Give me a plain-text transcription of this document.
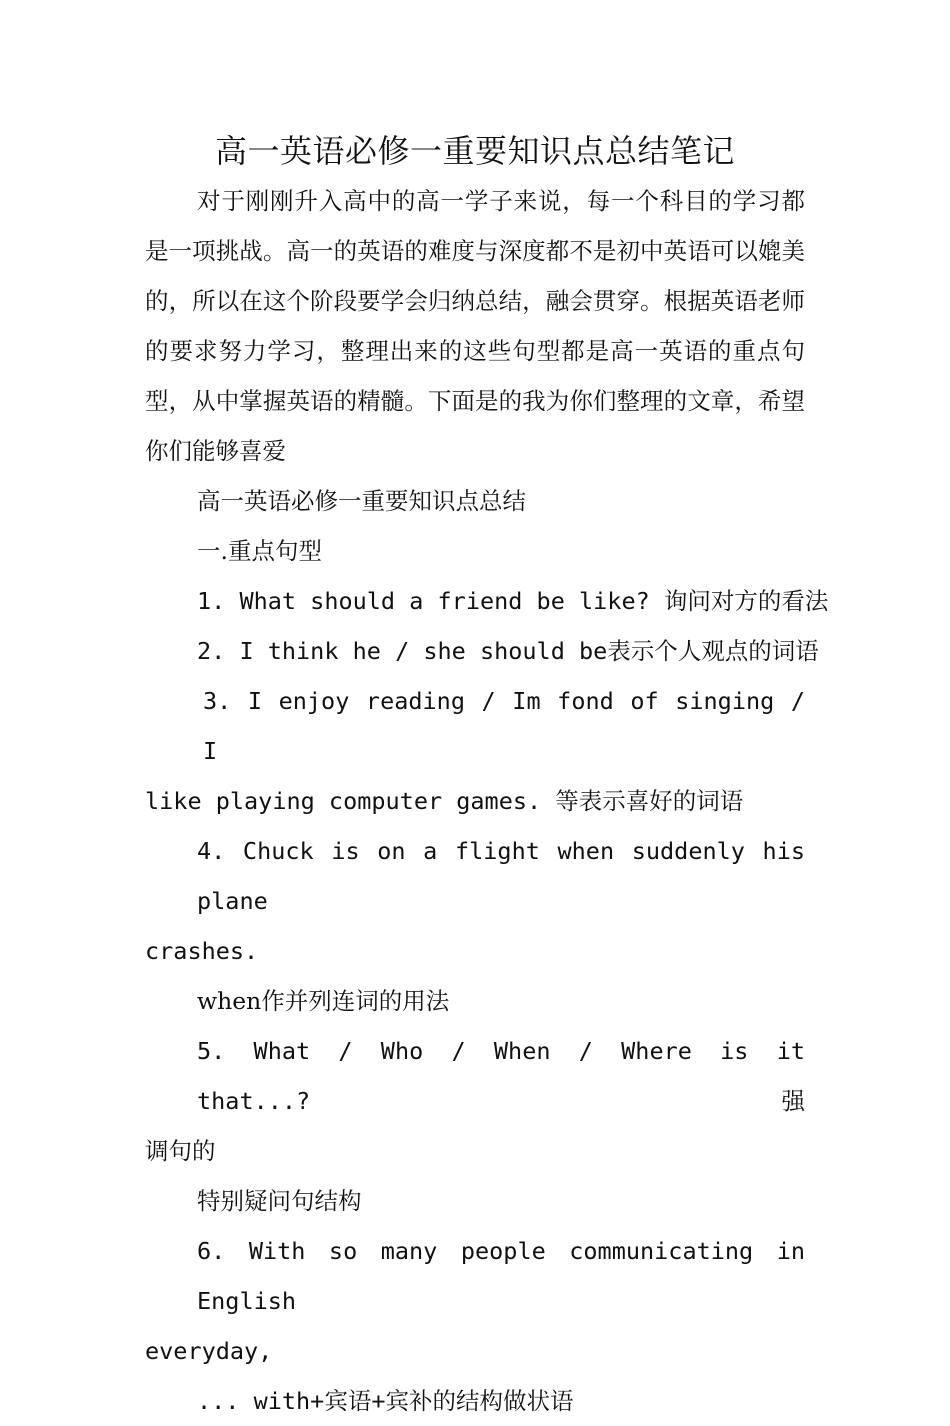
高一英语必修一重要知识点总结笔记

对于刚刚升入高中的高一学子来说，每一个科目的学习都是一项挑战。高一的英语的难度与深度都不是初中英语可以媲美的，所以在这个阶段要学会归纳总结，融会贯穿。根据英语老师的要求努力学习，整理出来的这些句型都是高一英语的重点句型，从中掌握英语的精髓。下面是的我为你们整理的文章，希望你们能够喜爱

高一英语必修一重要知识点总结
一.重点句型
1. What should a friend be like? 询问对方的看法
2. I think he / she should be表示个人观点的词语
3. I enjoy reading / Im fond of singing / I
like playing computer games. 等表示喜好的词语
4. Chuck is on a flight when suddenly his plane
crashes.
when作并列连词的用法
5. What / Who / When / Where is it that...? 强
调句的
特别疑问句结构
6. With so many people communicating in English
everyday,
... with+宾语+宾补的结构做状语
